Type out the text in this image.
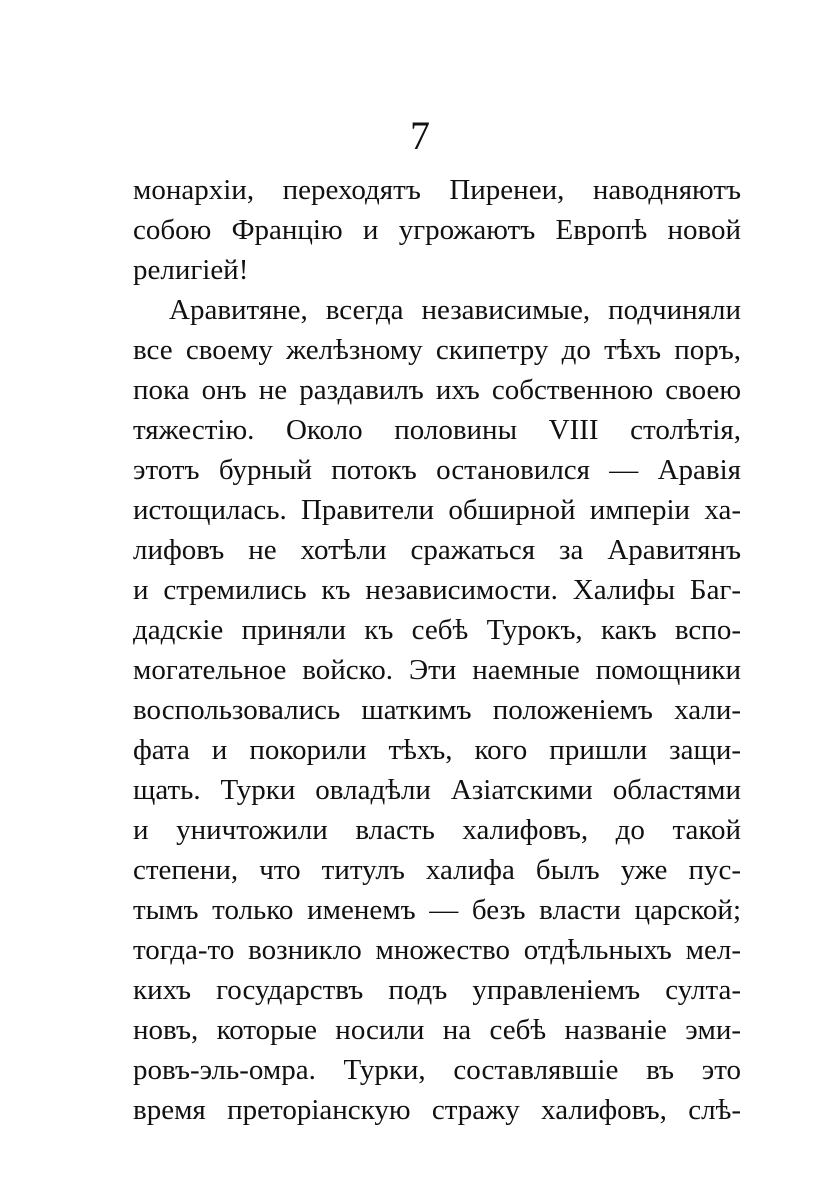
7
монархiи, переходятъ Пиренеи, наводняютъ
собою Францiю и угрожаютъ Европѣ новой
религiей!
Аравитяне, всегда независимые, подчиняли
все своему желѣзному скипетру до тѣхъ поръ,
пока онъ не раздавилъ ихъ собственною своею
тяжестiю. Около половины VIII столѣтiя,
этотъ бурный потокъ остановился — Аравiя
истощилась. Правители обширной имперiи ха-
лифовъ не хотѣли сражаться за Аравитянъ
и стремились къ независимости. Халифы Баг-
дадскiе приняли къ себѣ Турокъ, какъ вспо-
могательное войско. Эти наемные помощники
воспользовались шаткимъ положенiемъ хали-
фата и покорили тѣхъ, кого пришли защи-
щать. Турки овладѣли Азiатскими областями
и уничтожили власть халифовъ, до такой
степени, что титулъ халифа былъ уже пус-
тымъ только именемъ — безъ власти царской;
тогда-то возникло множество отдѣльныхъ мел-
кихъ государствъ подъ управленiемъ султа-
новъ, которые носили на себѣ названiе эми-
ровъ-эль-омра. Турки, составлявшiе въ это
время преторiанскую стражу халифовъ, слѣ-
